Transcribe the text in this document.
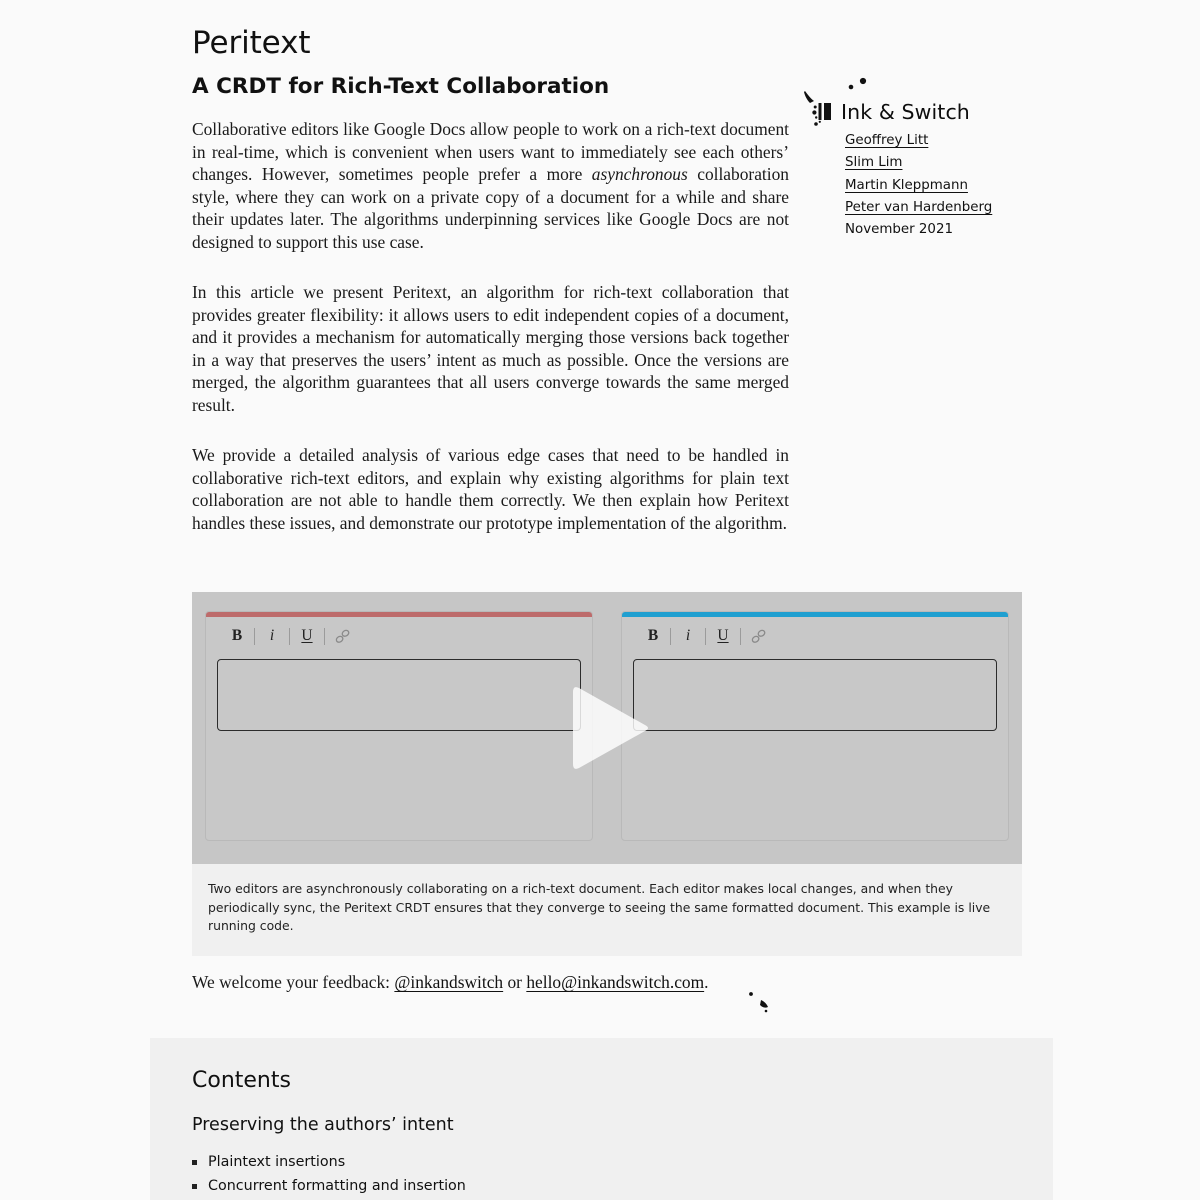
Peritext
A CRDT for Rich-Text Collaboration

Collaborative editors like Google Docs allow people to work on a rich-text document in real-time, which is convenient when users want to immediately see each others’ changes. However, sometimes people prefer a more asynchronous collaboration style, where they can work on a private copy of a document for a while and share their updates later. The algorithms underpinning services like Google Docs are not designed to support this use case.

In this article we present Peritext, an algorithm for rich-text collaboration that provides greater flexibility: it allows users to edit independent copies of a document, and it provides a mechanism for automatically merging those versions back together in a way that preserves the users’ intent as much as possible. Once the versions are merged, the algorithm guarantees that all users converge towards the same merged result.

We provide a detailed analysis of various edge cases that need to be handled in collaborative rich-text editors, and explain why existing algorithms for plain text collaboration are not able to handle them correctly. We then explain how Peritext handles these issues, and demonstrate our prototype implementation of the algorithm.

Ink & Switch
Geoffrey Litt
Slim Lim
Martin Kleppmann
Peter van Hardenberg
November 2021
B	i	U	B	i	U

Two editors are asynchronously collaborating on a rich-text document. Each editor makes local changes, and when they periodically sync, the Peritext CRDT ensures that they converge to seeing the same formatted document. This example is live running code.

We welcome your feedback: @inkandswitch or hello@inkandswitch.com.

Contents
Preserving the authors’ intent
Plaintext insertions
Concurrent formatting and insertion
